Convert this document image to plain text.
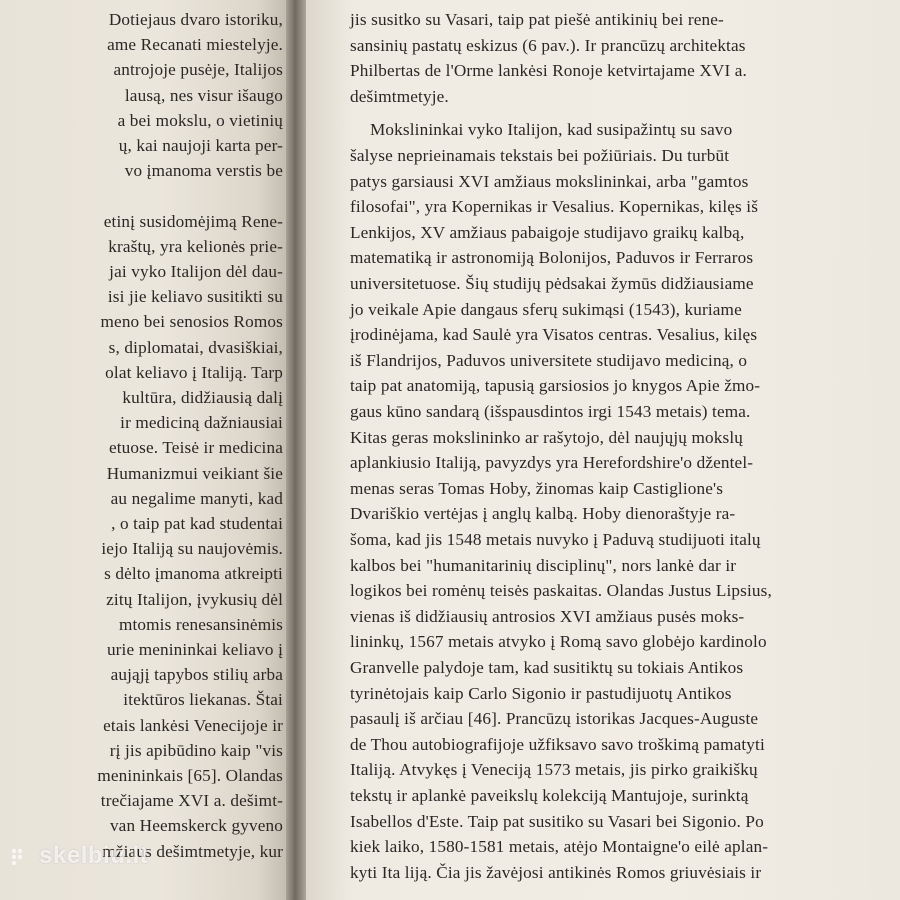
Dotiejaus dvaro istoriku,
ame Recanati miestelyje.
antrojoje pusėje, Italijos
lausą, nes visur išaugo
a bei mokslu, o vietinių
ų, kai naujoji karta per-
vo įmanoma verstis be
etinį susidomėjimą Rene-
kraštų, yra kelionės prie-
jai vyko Italijon dėl dau-
isi jie keliavo susitikti su
meno bei senosios Romos
s, diplomatai, dvasiškiai,
olat keliavo į Italiją. Tarp
kultūra, didžiausią dalį
ir mediciną dažniausiai
etuose. Teisė ir medicina
Humanizmui veikiant šie
au negalime manyti, kad
, o taip pat kad studentai
iejo Italiją su naujovėmis.
s dėlto įmanoma atkreipti
zitų Italijon, įvykusių dėl
mtomis renesansinėmis
urie menininkai keliavo į
aująjį tapybos stilių arba
itektūros liekanas. Štai
etais lankėsi Venecijoje ir
rį jis apibūdino kaip "vis
menininkais [65]. Olandas
trečiajame XVI a. dešimt-
van Heemskerck gyveno
mžiaus dešimtmetyje, kur
jis susitko su Vasari, taip pat piešė antikinių bei rene-
sansinių pastatų eskizus (6 pav.). Ir prancūzų architektas
Philbertas de l'Orme lankėsi Ronoje ketvirtajame XVI a.
dešimtmetyje.
Mokslininkai vyko Italijon, kad susipažintų su savo
šalyse neprieinamais tekstais bei požiūriais. Du turbūt
patys garsiausi XVI amžiaus mokslininkai, arba "gamtos
filosofai", yra Kopernikas ir Vesalius. Kopernikas, kilęs iš
Lenkijos, XV amžiaus pabaigoje studijavo graikų kalbą,
matematiką ir astronomiją Bolonijos, Paduvos ir Ferraros
universitetuose. Šių studijų pėdsakai žymūs didžiausiame
jo veikale Apie dangaus sferų sukimąsi (1543), kuriame
įrodinėjama, kad Saulė yra Visatos centras. Vesalius, kilęs
iš Flandrijos, Paduvos universitete studijavo mediciną, o
taip pat anatomiją, tapusią garsiosios jo knygos Apie žmo-
gaus kūno sandarą (išspausdintos irgi 1543 metais) tema.
Kitas geras mokslininko ar rašytojo, dėl naujųjų mokslų
aplankiusio Italiją, pavyzdys yra Herefordshire'o džentel-
menas seras Tomas Hoby, žinomas kaip Castiglione's
Dvariškio vertėjas į anglų kalbą. Hoby dienoraštyje ra-
šoma, kad jis 1548 metais nuvyko į Paduvą studijuoti italų
kalbos bei "humanitarinių disciplinų", nors lankė dar ir
logikos bei romėnų teisės paskaitas. Olandas Justus Lipsius,
vienas iš didžiausių antrosios XVI amžiaus pusės moks-
lininkų, 1567 metais atvyko į Romą savo globėjo kardinolo
Granvelle palydoje tam, kad susitiktų su tokiais Antikos
tyrinėtojais kaip Carlo Sigonio ir pastudijuotų Antikos
pasaulį iš arčiau [46]. Prancūzų istorikas Jacques-Auguste
de Thou autobiografijoje užfiksavo savo troškimą pamatyti
Italiją. Atvykęs į Veneciją 1573 metais, jis pirko graikiškų
tekstų ir aplankė paveikslų kolekciją Mantujoje, surinktą
Isabellos d'Este. Taip pat susitiko su Vasari bei Sigonio. Po
kiek laiko, 1580-1581 metais, atėjo Montaigne'o eilė aplan-
kyti Ita liją. Čia jis žavėjosi antikinės Romos griuvėsiais ir
skelbiu.lt
